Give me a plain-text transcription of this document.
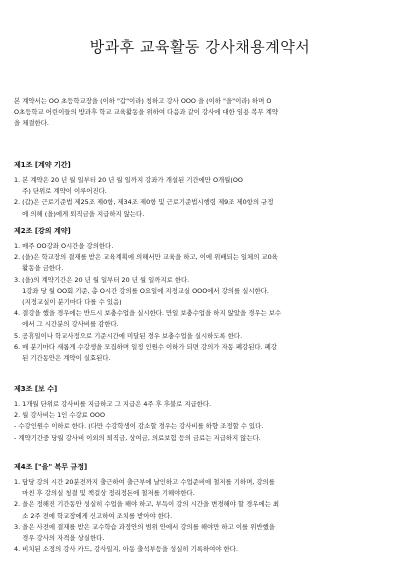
방과후 교육활동 강사채용계약서

본 계약서는 OO 초등학교장을 (이하 "갑"이라) 칭하고 강사 OOO 을 (이하 "을"이라) 하며 O

O초등학교 어린이들의 방과후 학교 교육활동을 위하여 다음과 같이 강사에 대한 임용 복무 계약

을 체결한다.

제1조 [계약 기간]
1. 본 계약은 20 년 월 일부터 20 년 월 일까지 강좌가 개설된 기간에만 O개월(OO
주) 단위로 계약이 이루어진다.
2. (갑)은 근로기준법 제25조 제0항, 제34조 제0항 및 근로기준법시행령 제9조 제0항의 규정
에 의해 (을)에게 퇴직금을 지급하지 않는다.
제2조 [강의 계약]
1. 매주 OO강좌 O시간을 강의한다.
2. (을)은 학교장의 결재를 받은 교육계획에 의해서만 교육을 하고, 이에 위배되는 일체의 교0육
활동을 금한다.
3. (을)의 계약기간은 20 년 월 일부터 20 년 월 일까지로 한다.
1강좌 당 월 OO회 기준, 총 O시간 강의를 O요일에 지정교실 OOO에서 강의를 실시한다.
(지정교실이 분기마다 다를 수 있음)
4. 결강을 했을 경우에는 반드시 보충수업을 실시한다. 만일 보충수업을 하지 않았을 경우는 보수
에서 그 시간분의 강사비를 감한다.
5. 공휴일이나 학교사정으로 기준시간에 미달된 경우 보충수업을 실시하도록 한다.
6. 매 분기마다 새롭게 수강생을 모집하며 일정 인원수 이하가 되면 강의가 자동 폐강된다. 폐강
된 기간동안은 계약이 실효된다.
제3조 [보 수]
1. 1개월 단위로 강사비를 지급하고 그 지급은 4주 후 후불로 지급한다.
2. 월 강사비는 1인 수강료 OOO
- 수강인원수 이하로 한다. (다만 수강학생이 감소할 경우는 강사비를 하향 조정할 수 있다.
- 계약기간중 당월 강사비 이외의 퇴직금, 상여금, 의료보험 등의 금료는 지급하지 않는다.
제4조 ["을" 복무 규정]
1. 담당 강의 시간 20분전까지 출근하여 출근부에 날인하고 수업준비에 철저를 기하며, 강의를
마친 후 강의실 청결 및 책걸상 정리정돈에 철저를 기해야한다.
2. 을은 정해진 기간동안 성실히 수업을 해야 하고, 부득이 강의 시간을 변경해야 할 경우에는 최
소 2주 전에 학교장에게 신고하여 조치를 받아야 한다.
3. 을은 사전에 결재를 받은 교수학습 과정안의 범위 안에서 강의를 해야만 하고 이를 위반했을
경우 강사의 자격을 상실한다.
4. 비치된 소정의 강사 카드, 강사일지, 아동 출석부등을 성실히 기록하여야 한다.
